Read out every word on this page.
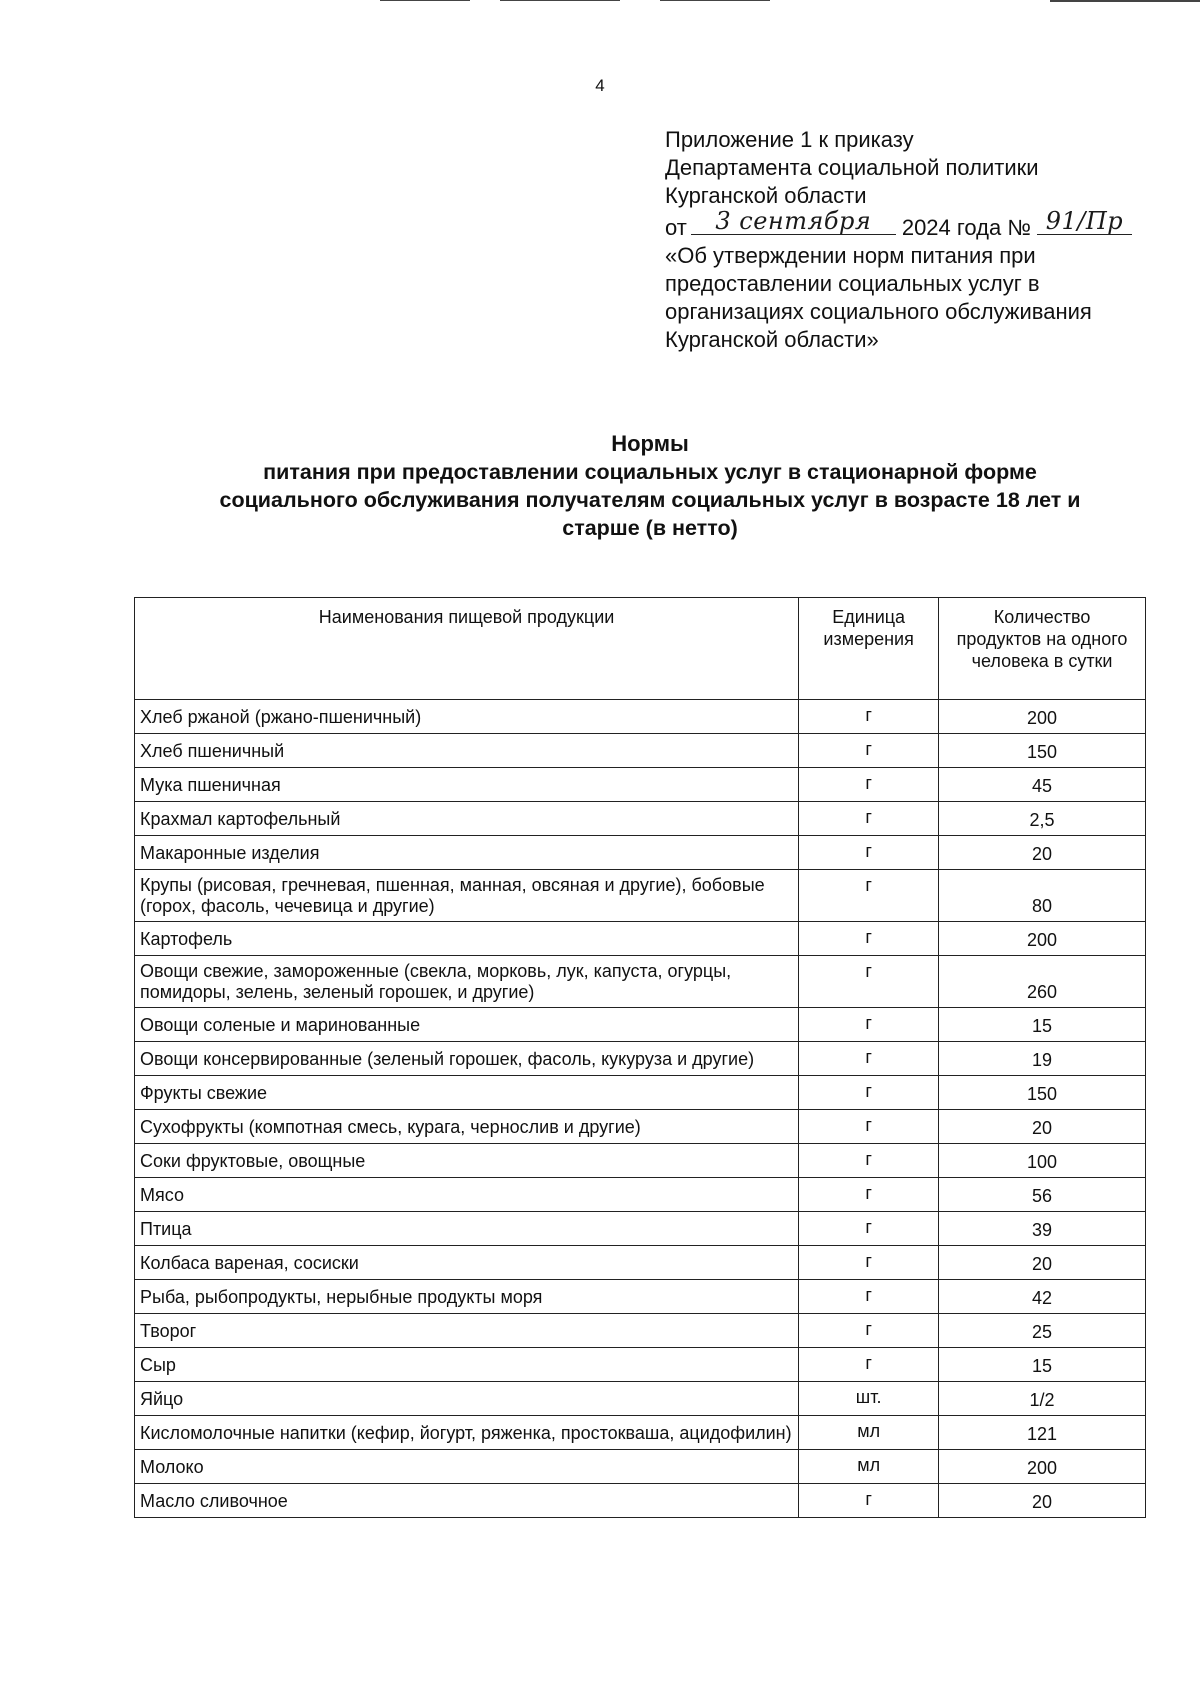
4
Приложение 1 к приказу
Департамента социальной политики
Курганской области
от	3 сентября	2024 года № 91/Пр
«Об утверждении норм питания при
предоставлении социальных услуг в
организациях социального обслуживания
Курганской области»
Нормы
питания при предоставлении социальных услуг в стационарной форме
социального обслуживания получателям социальных услуг в возрасте 18 лет и
старше (в нетто)
Наименования пищевой продукции	Единица измерения	Количество продуктов на одного человека в сутки
Хлеб ржаной (ржано-пшеничный)	г	200
Хлеб пшеничный	г	150
Мука пшеничная	г	45
Крахмал картофельный	г	2,5
Макаронные изделия	г	20
Крупы (рисовая, гречневая, пшенная, манная, овсяная и другие), бобовые (горох, фасоль, чечевица и другие)	г	80
Картофель	г	200
Овощи свежие, замороженные (свекла, морковь, лук, капуста, огурцы, помидоры, зелень, зеленый горошек, и другие)	г	260
Овощи соленые и маринованные	г	15
Овощи консервированные (зеленый горошек, фасоль, кукуруза и другие)	г	19
Фрукты свежие	г	150
Сухофрукты (компотная смесь, курага, чернослив и другие)	г	20
Соки фруктовые, овощные	г	100
Мясо	г	56
Птица	г	39
Колбаса вареная, сосиски	г	20
Рыба, рыбопродукты, нерыбные продукты моря	г	42
Творог	г	25
Сыр	г	15
Яйцо	шт.	1/2
Кисломолочные напитки (кефир, йогурт, ряженка, простокваша, ацидофилин)	мл	121
Молоко	мл	200
Масло сливочное	г	20
